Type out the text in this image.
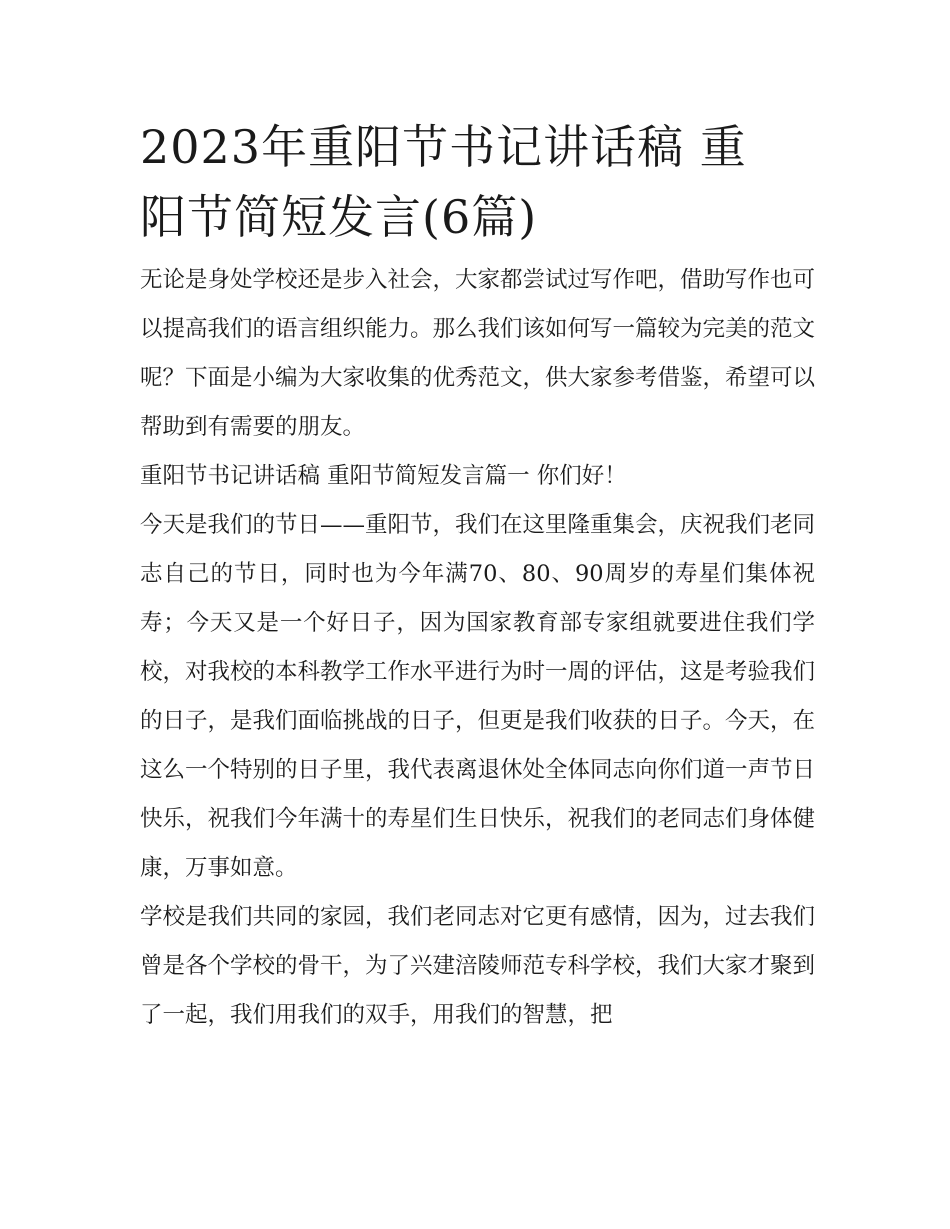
2023年重阳节书记讲话稿 重
阳节简短发言(6篇)

无论是身处学校还是步入社会，大家都尝试过写作吧，借助写作也可以提高我们的语言组织能力。那么我们该如何写一篇较为完美的范文呢？下面是小编为大家收集的优秀范文，供大家参考借鉴，希望可以帮助到有需要的朋友。

重阳节书记讲话稿 重阳节简短发言篇一 你们好！

今天是我们的节日——重阳节，我们在这里隆重集会，庆祝我们老同志自己的节日，同时也为今年满70、80、90周岁的寿星们集体祝寿；今天又是一个好日子，因为国家教育部专家组就要进住我们学校，对我校的本科教学工作水平进行为时一周的评估，这是考验我们的日子，是我们面临挑战的日子，但更是我们收获的日子。今天，在这么一个特别的日子里，我代表离退休处全体同志向你们道一声节日快乐，祝我们今年满十的寿星们生日快乐，祝我们的老同志们身体健康，万事如意。

学校是我们共同的家园，我们老同志对它更有感情，因为，过去我们曾是各个学校的骨干，为了兴建涪陵师范专科学校，我们大家才聚到了一起，我们用我们的双手，用我们的智慧，把
